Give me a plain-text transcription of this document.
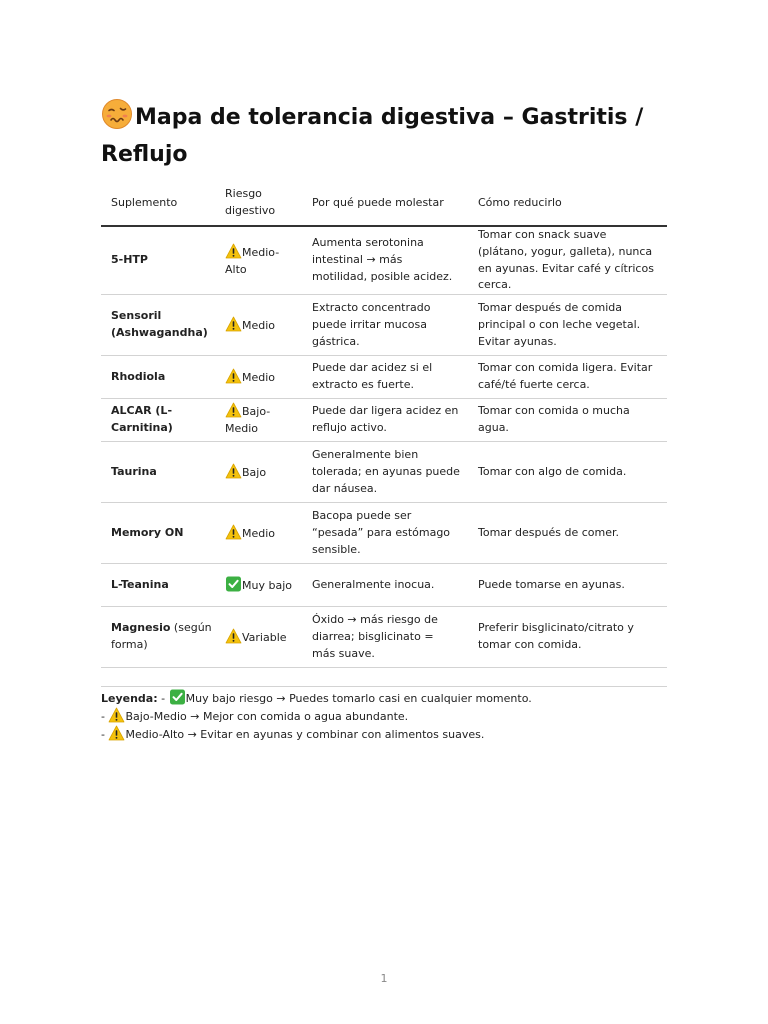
Mapa de tolerancia digestiva – Gastritis / Reflujo
Suplemento	Riesgo digestivo	Por qué puede molestar	Cómo reducirlo
5-HTP	Medio-Alto	Aumenta serotonina intestinal → más motilidad, posible acidez.	Tomar con snack suave (plátano, yogur, galleta), nunca en ayunas. Evitar café y cítricos cerca.
Sensoril (Ashwagandha)	Medio	Extracto concentrado puede irritar mucosa gástrica.	Tomar después de comida principal o con leche vegetal. Evitar ayunas.
Rhodiola	Medio	Puede dar acidez si el extracto es fuerte.	Tomar con comida ligera. Evitar café/té fuerte cerca.
ALCAR (L-Carnitina)	Bajo-Medio	Puede dar ligera acidez en reflujo activo.	Tomar con comida o mucha agua.
Taurina	Bajo	Generalmente bien tolerada; en ayunas puede dar náusea.	Tomar con algo de comida.
Memory ON	Medio	Bacopa puede ser “pesada” para estómago sensible.	Tomar después de comer.
L-Teanina	Muy bajo	Generalmente inocua.	Puede tomarse en ayunas.
Magnesio (según forma)	Variable	Óxido → más riesgo de diarrea; bisglicinato = más suave.	Preferir bisglicinato/citrato y tomar con comida.

Leyenda: - Muy bajo riesgo → Puedes tomarlo casi en cualquier momento.
- Bajo-Medio → Mejor con comida o agua abundante.
- Medio-Alto → Evitar en ayunas y combinar con alimentos suaves.
1
